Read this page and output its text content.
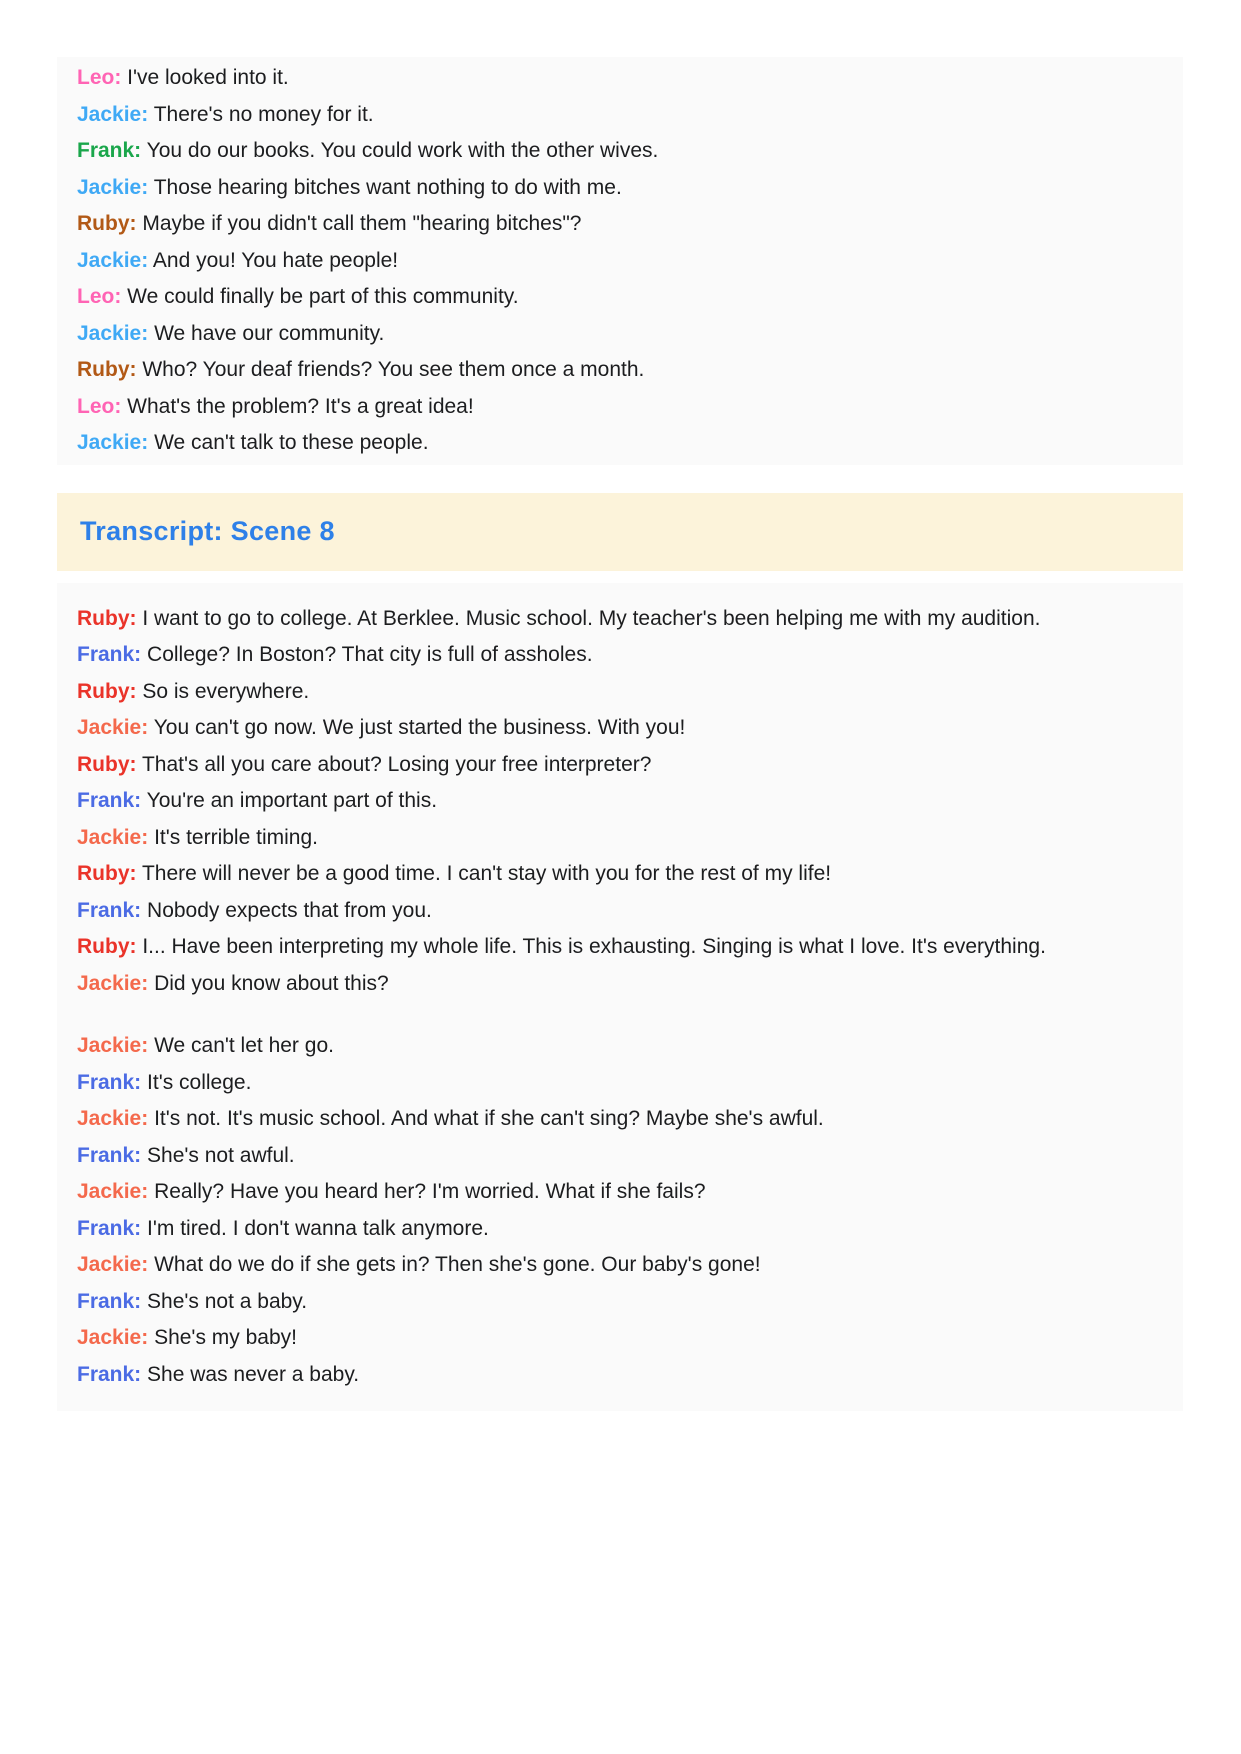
Leo: I've looked into it.
Jackie: There's no money for it.
Frank: You do our books. You could work with the other wives.
Jackie: Those hearing bitches want nothing to do with me.
Ruby: Maybe if you didn't call them "hearing bitches"?
Jackie: And you! You hate people!
Leo: We could finally be part of this community.
Jackie: We have our community.
Ruby: Who? Your deaf friends? You see them once a month.
Leo: What's the problem? It's a great idea!
Jackie: We can't talk to these people.
Transcript: Scene 8
Ruby: I want to go to college. At Berklee. Music school. My teacher's been helping me with my audition.
Frank: College? In Boston? That city is full of assholes.
Ruby: So is everywhere.
Jackie: You can't go now. We just started the business. With you!
Ruby: That's all you care about? Losing your free interpreter?
Frank: You're an important part of this.
Jackie: It's terrible timing.
Ruby: There will never be a good time. I can't stay with you for the rest of my life!
Frank: Nobody expects that from you.
Ruby: I... Have been interpreting my whole life. This is exhausting. Singing is what I love. It's everything.
Jackie: Did you know about this?
Jackie: We can't let her go.
Frank: It's college.
Jackie: It's not. It's music school. And what if she can't sing? Maybe she's awful.
Frank: She's not awful.
Jackie: Really? Have you heard her? I'm worried. What if she fails?
Frank: I'm tired. I don't wanna talk anymore.
Jackie: What do we do if she gets in? Then she's gone. Our baby's gone!
Frank: She's not a baby.
Jackie: She's my baby!
Frank: She was never a baby.
